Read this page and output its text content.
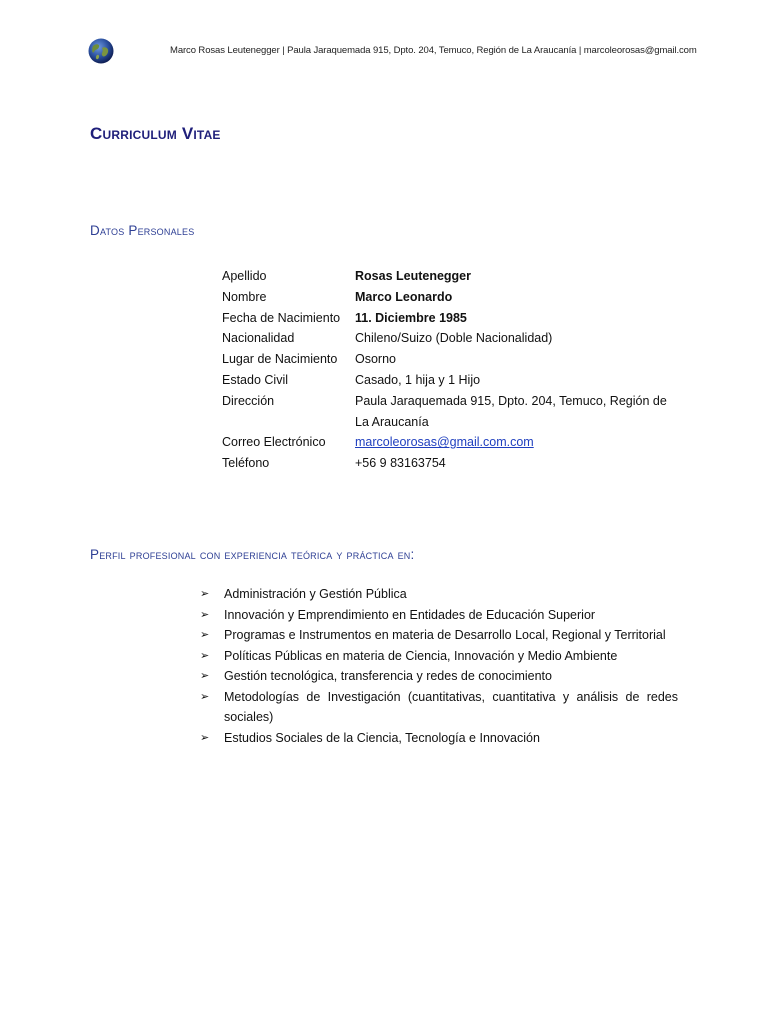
Marco Rosas Leutenegger | Paula Jaraquemada 915, Dpto. 204, Temuco, Región de La Araucanía | marcoleorosas@gmail.com
Curriculum Vitae
Datos Personales
Apellido	Rosas Leutenegger
Nombre	Marco Leonardo
Fecha de Nacimiento	11. Diciembre 1985
Nacionalidad	Chileno/Suizo (Doble Nacionalidad)
Lugar de Nacimiento	Osorno
Estado Civil	Casado, 1 hija y 1 Hijo
Dirección	Paula Jaraquemada 915, Dpto. 204, Temuco, Región de La Araucanía
Correo Electrónico	marcoleorosas@gmail.com.com
Teléfono	+56 9 83163754
Perfil profesional con experiencia teórica y práctica en:
➢ Administración y Gestión Pública
➢ Innovación y Emprendimiento en Entidades de Educación Superior
➢ Programas e Instrumentos en materia de Desarrollo Local, Regional y Territorial
➢ Políticas Públicas en materia de Ciencia, Innovación y Medio Ambiente
➢ Gestión tecnológica, transferencia y redes de conocimiento
➢ Metodologías de Investigación (cuantitativas, cuantitativa y análisis de redes sociales)
➢ Estudios Sociales de la Ciencia, Tecnología e Innovación
